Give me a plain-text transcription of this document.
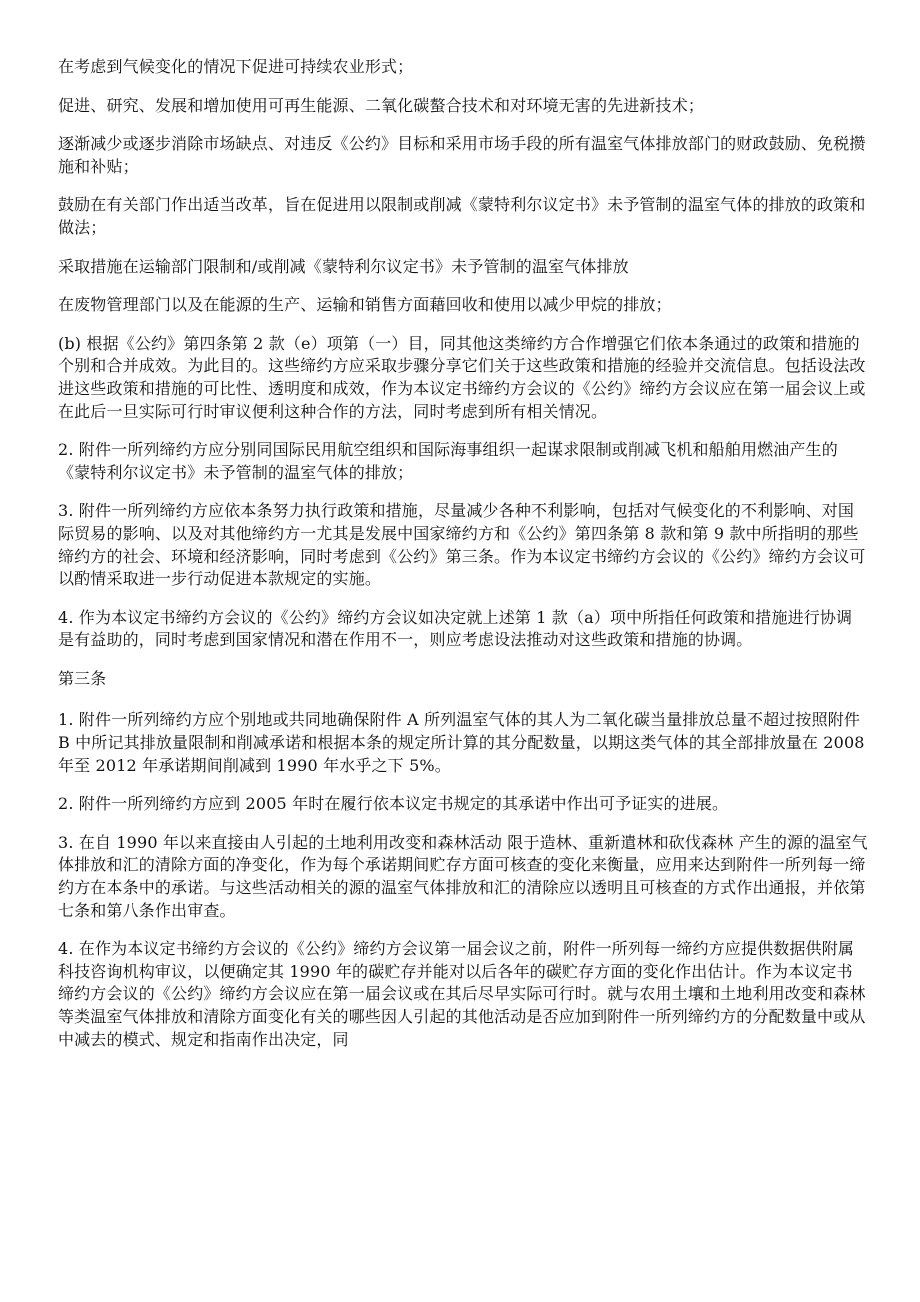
在考虑到气候变化的情况下促进可持续农业形式；

促进、研究、发展和增加使用可再生能源、二氧化碳螯合技术和对环境无害的先进新技术；

逐渐减少或逐步消除市场缺点、对违反《公约》目标和采用市场手段的所有温室气体排放部门的财政鼓励、免税攒施和补贴；

鼓励在有关部门作出适当改革，旨在促进用以限制或削减《蒙特利尔议定书》未予管制的温室气体的排放的政策和做法；

采取措施在运输部门限制和/或削减《蒙特利尔议定书》未予管制的温室气体排放

在废物管理部门以及在能源的生产、运输和销售方面藉回收和使用以减少甲烷的排放；

(b) 根据《公约》第四条第 2 款（e）项第（一）目，同其他这类缔约方合作增强它们依本条通过的政策和措施的个别和合并成效。为此目的。这些缔约方应采取步骤分享它们关于这些政策和措施的经验并交流信息。包括设法改进这些政策和措施的可比性、透明度和成效，作为本议定书缔约方会议的《公约》缔约方会议应在第一届会议上或在此后一旦实际可行时审议便利这种合作的方法，同时考虑到所有相关情况。

2. 附件一所列缔约方应分别同国际民用航空组织和国际海事组织一起谋求限制或削减飞机和船舶用燃油产生的《蒙特利尔议定书》未予管制的温室气体的排放；

3. 附件一所列缔约方应依本条努力执行政策和措施，尽量减少各种不利影响，包括对气候变化的不利影响、对国际贸易的影响、以及对其他缔约方一尤其是发展中国家缔约方和《公约》第四条第 8 款和第 9 款中所指明的那些缔约方的社会、环境和经济影响，同时考虑到《公约》第三条。作为本议定书缔约方会议的《公约》缔约方会议可以酌情采取进一步行动促进本款规定的实施。

4. 作为本议定书缔约方会议的《公约》缔约方会议如决定就上述第 1 款（a）项中所指任何政策和措施进行协调是有益助的，同时考虑到国家情况和潜在作用不一，则应考虑设法推动对这些政策和措施的协调。

第三条

1. 附件一所列缔约方应个别地或共同地确保附件 A 所列温室气体的其人为二氧化碳当量排放总量不超过按照附件 B 中所记其排放量限制和削减承诺和根据本条的规定所计算的其分配数量，以期这类气体的其全部排放量在 2008 年至 2012 年承诺期间削减到 1990 年水乎之下 5%。

2. 附件一所列缔约方应到 2005 年时在履行依本议定书规定的其承诺中作出可予证实的进展。

3. 在自 1990 年以来直接由人引起的土地利用改变和森林活动 限于造林、重新遣林和砍伐森林 产生的源的温室气体排放和汇的清除方面的净变化，作为每个承诺期间贮存方面可核查的变化来衡量，应用来达到附件一所列每一缔约方在本条中的承诺。与这些活动相关的源的温室气体排放和汇的清除应以透明且可核查的方式作出通报，并依第七条和第八条作出审查。

4. 在作为本议定书缔约方会议的《公约》缔约方会议第一届会议之前，附件一所列每一缔约方应提供数据供附属科技咨询机构审议，以便确定其 1990 年的碳贮存并能对以后各年的碳贮存方面的变化作出估计。作为本议定书缔约方会议的《公约》缔约方会议应在第一届会议或在其后尽早实际可行时。就与农用土壤和土地利用改变和森林等类温室气体排放和清除方面变化有关的哪些因人引起的其他活动是否应加到附件一所列缔约方的分配数量中或从中减去的模式、规定和指南作出决定，同
